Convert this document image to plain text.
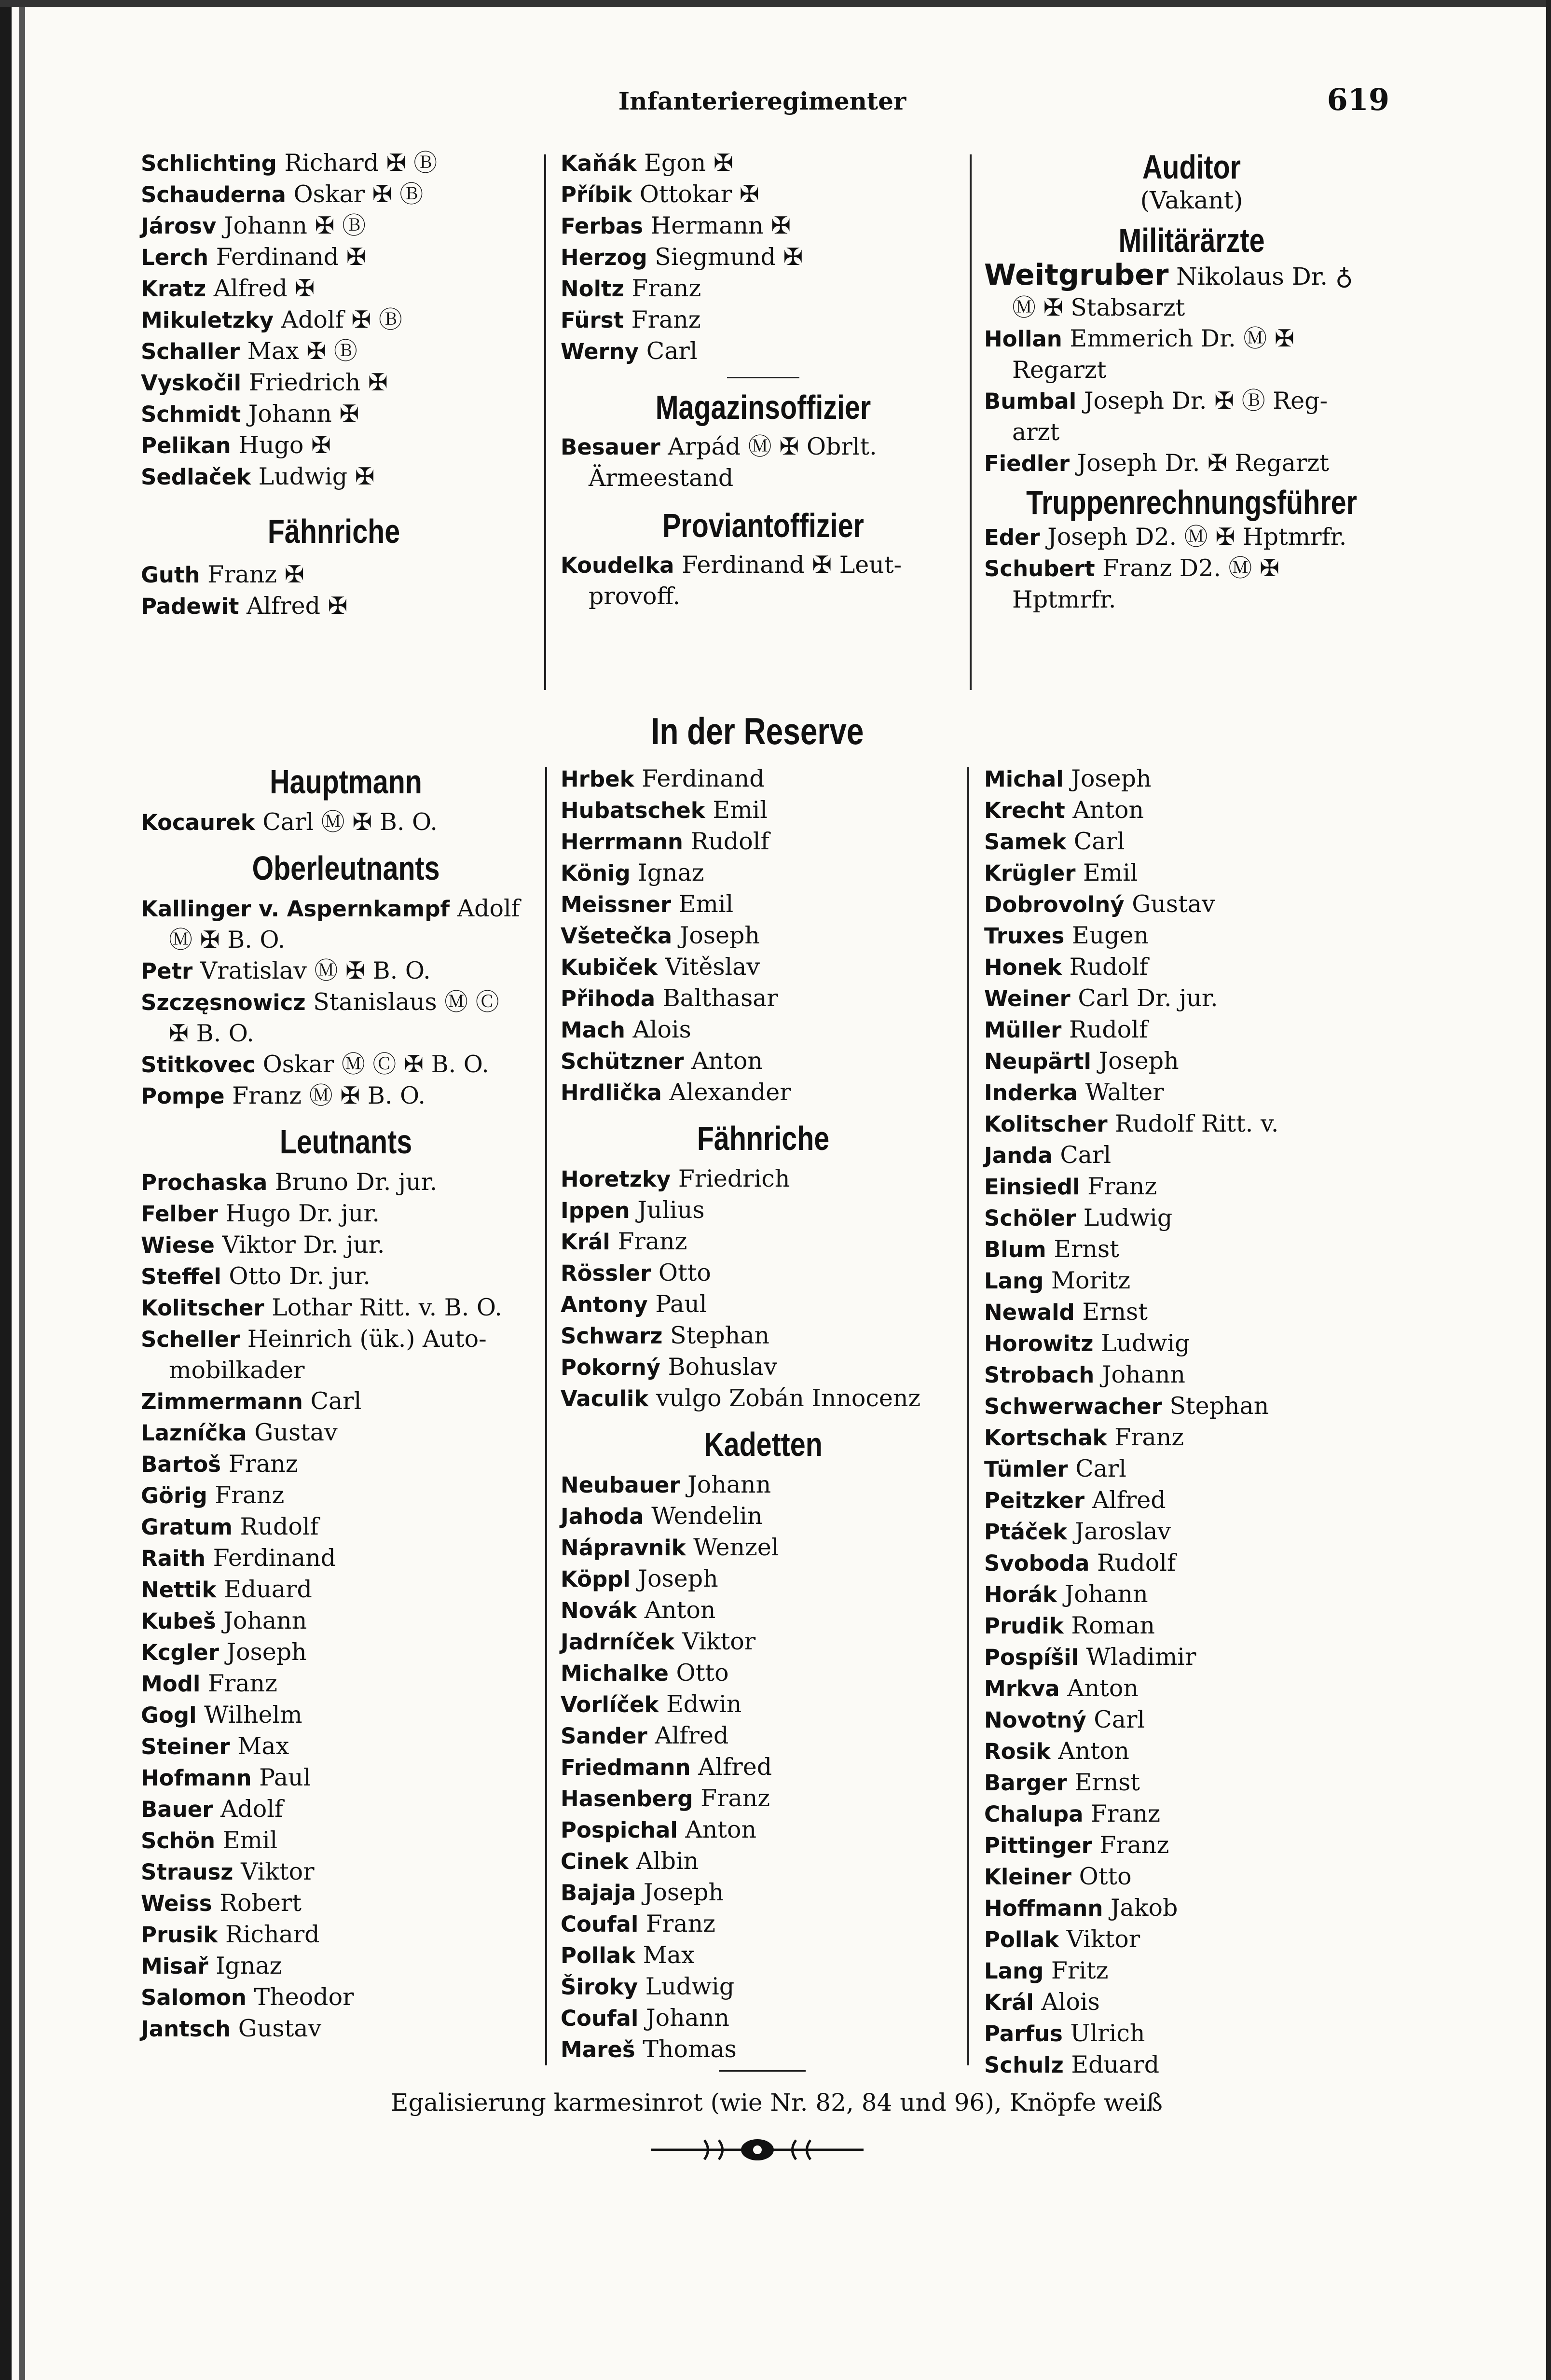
Infanterieregimenter	619
Schlichting Richard ✠ Ⓑ
Schauderna Oskar ✠ Ⓑ
Járosv Johann ✠ Ⓑ
Lerch Ferdinand ✠
Kratz Alfred ✠
Mikuletzky Adolf ✠ Ⓑ
Schaller Max ✠ Ⓑ
Vyskočil Friedrich ✠
Schmidt Johann ✠
Pelikan Hugo ✠
Sedlaček Ludwig ✠
Fähnriche
Guth Franz ✠
Padewit Alfred ✠
Kaňák Egon ✠
Příbik Ottokar ✠
Ferbas Hermann ✠
Herzog Siegmund ✠
Noltz Franz
Fürst Franz
Werny Carl
Magazinsoffizier
Besauer Arpád Ⓜ ✠ Obrlt.
Ärmeestand
Proviantoffizier
Koudelka Ferdinand ✠ Leut-
provoff.
Auditor
(Vakant)
Militärärzte
Weitgruber Nikolaus Dr. ♁
Ⓜ ✠ Stabsarzt
Hollan Emmerich Dr. Ⓜ ✠
Regarzt
Bumbal Joseph Dr. ✠ Ⓑ Reg-
arzt
Fiedler Joseph Dr. ✠ Regarzt
Truppenrechnungsführer
Eder Joseph D2. Ⓜ ✠ Hptmrfr.
Schubert Franz D2. Ⓜ ✠
Hptmrfr.
In der Reserve
Hauptmann
Kocaurek Carl Ⓜ ✠ B. O.
Oberleutnants
Kallinger v. Aspernkampf Adolf
Ⓜ ✠ B. O.
Petr Vratislav Ⓜ ✠ B. O.
Szczęsnowicz Stanislaus Ⓜ Ⓒ
✠ B. O.
Stitkovec Oskar Ⓜ Ⓒ ✠ B. O.
Pompe Franz Ⓜ ✠ B. O.
Leutnants
Prochaska Bruno Dr. jur.
Felber Hugo Dr. jur.
Wiese Viktor Dr. jur.
Steffel Otto Dr. jur.
Kolitscher Lothar Ritt. v. B. O.
Scheller Heinrich (ük.) Auto-
mobilkader
Zimmermann Carl
Lazníčka Gustav
Bartoš Franz
Görig Franz
Gratum Rudolf
Raith Ferdinand
Nettik Eduard
Kubeš Johann
Kcgler Joseph
Modl Franz
Gogl Wilhelm
Steiner Max
Hofmann Paul
Bauer Adolf
Schön Emil
Strausz Viktor
Weiss Robert
Prusik Richard
Misař Ignaz
Salomon Theodor
Jantsch Gustav
Hrbek Ferdinand
Hubatschek Emil
Herrmann Rudolf
König Ignaz
Meissner Emil
Všetečka Joseph
Kubiček Vitěslav
Přihoda Balthasar
Mach Alois
Schützner Anton
Hrdlička Alexander
Fähnriche
Horetzky Friedrich
Ippen Julius
Král Franz
Rössler Otto
Antony Paul
Schwarz Stephan
Pokorný Bohuslav
Vaculik vulgo Zobán Innocenz
Kadetten
Neubauer Johann
Jahoda Wendelin
Nápravnik Wenzel
Köppl Joseph
Novák Anton
Jadrníček Viktor
Michalke Otto
Vorlíček Edwin
Sander Alfred
Friedmann Alfred
Hasenberg Franz
Pospichal Anton
Cinek Albin
Bajaja Joseph
Coufal Franz
Pollak Max
Široky Ludwig
Coufal Johann
Mareš Thomas
Michal Joseph
Krecht Anton
Samek Carl
Krügler Emil
Dobrovolný Gustav
Truxes Eugen
Honek Rudolf
Weiner Carl Dr. jur.
Müller Rudolf
Neupärtl Joseph
Inderka Walter
Kolitscher Rudolf Ritt. v.
Janda Carl
Einsiedl Franz
Schöler Ludwig
Blum Ernst
Lang Moritz
Newald Ernst
Horowitz Ludwig
Strobach Johann
Schwerwacher Stephan
Kortschak Franz
Tümler Carl
Peitzker Alfred
Ptáček Jaroslav
Svoboda Rudolf
Horák Johann
Prudik Roman
Pospíšil Wladimir
Mrkva Anton
Novotný Carl
Rosik Anton
Barger Ernst
Chalupa Franz
Pittinger Franz
Kleiner Otto
Hoffmann Jakob
Pollak Viktor
Lang Fritz
Král Alois
Parfus Ulrich
Schulz Eduard
Egalisierung karmesinrot (wie Nr. 82, 84 und 96), Knöpfe weiß
